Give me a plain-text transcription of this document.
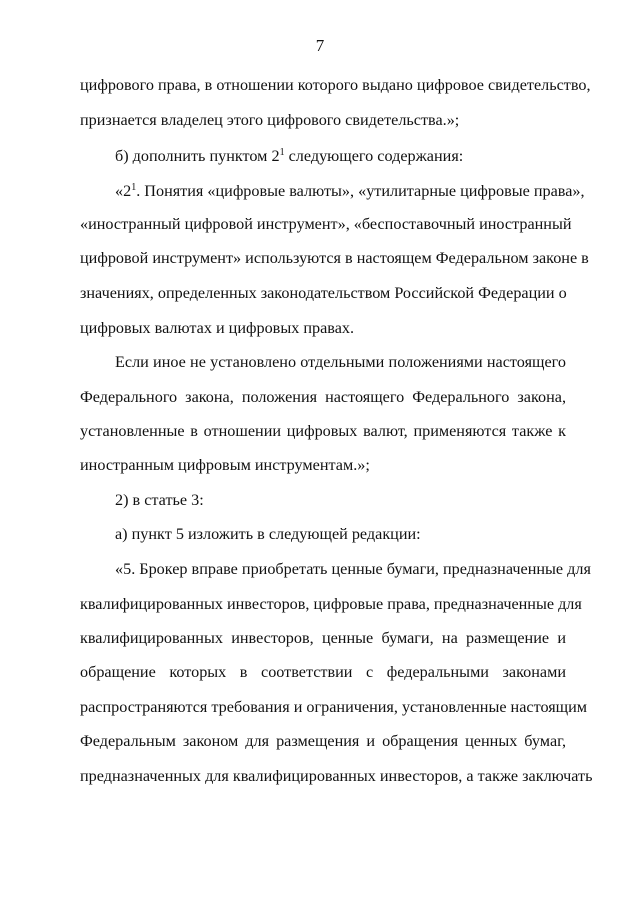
7
цифрового права, в отношении которого выдано цифровое свидетельство,
признается владелец этого цифрового свидетельства.»;
б) дополнить пунктом $2^1$ следующего содержания:
«$2^1$. Понятия «цифровые валюты», «утилитарные цифровые права»,
«иностранный цифровой инструмент», «беспоставочный иностранный
цифровой инструмент» используются в настоящем Федеральном законе в
значениях, определенных законодательством Российской Федерации о
цифровых валютах и цифровых правах.
Если иное не установлено отдельными положениями настоящего
Федерального закона, положения настоящего Федерального закона,
установленные в отношении цифровых валют, применяются также к
иностранным цифровым инструментам.»;
2) в статье 3:
а) пункт 5 изложить в следующей редакции:
«5. Брокер вправе приобретать ценные бумаги, предназначенные для
квалифицированных инвесторов, цифровые права, предназначенные для
квалифицированных инвесторов, ценные бумаги, на размещение и
обращение которых в соответствии с федеральными законами
распространяются требования и ограничения, установленные настоящим
Федеральным законом для размещения и обращения ценных бумаг,
предназначенных для квалифицированных инвесторов, а также заключать
